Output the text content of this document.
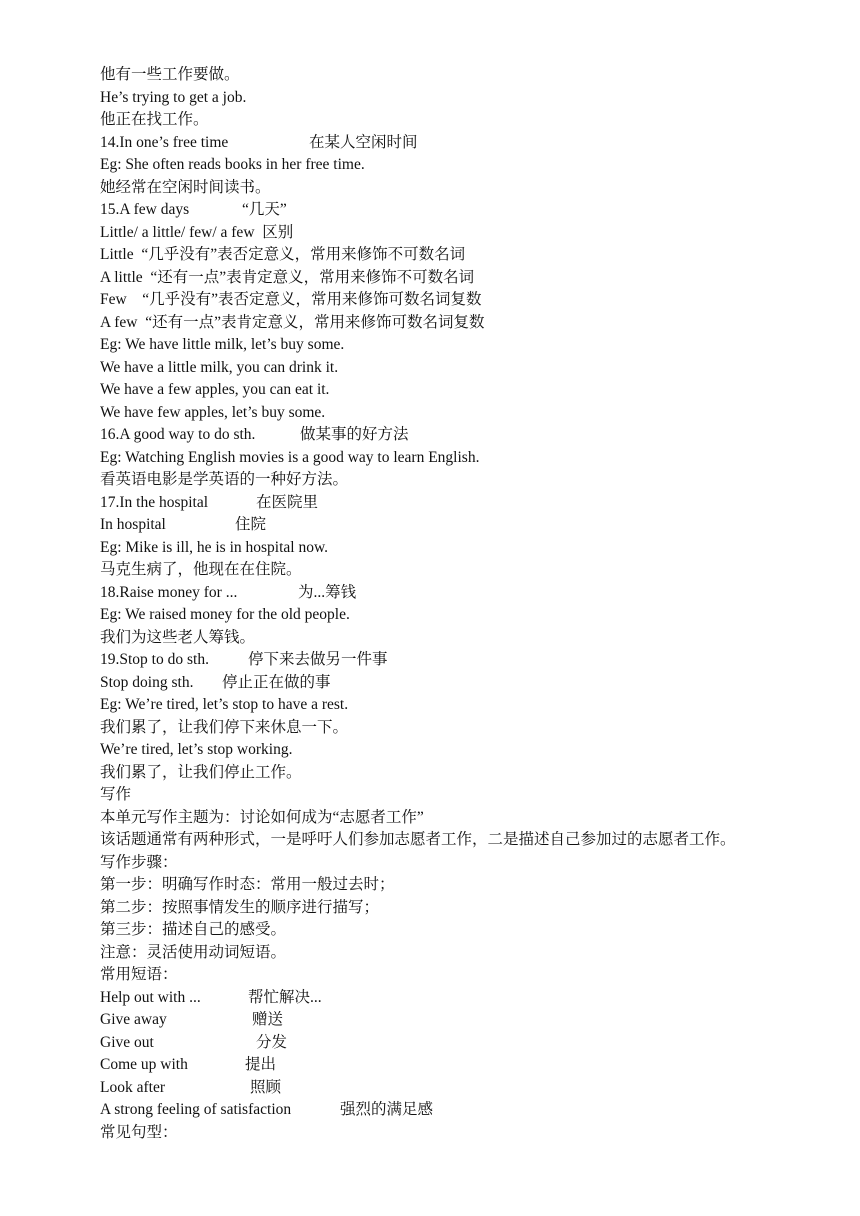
他有一些工作要做。
He’s trying to get a job.
他正在找工作。
14.In one’s free time	在某人空闲时间
Eg: She often reads books in her free time.
她经常在空闲时间读书。
15.A few days	“几天”
Little/ a little/ few/ a few  区别
Little  “几乎没有”表否定意义，常用来修饰不可数名词
A little  “还有一点”表肯定意义，常用来修饰不可数名词
Few    “几乎没有”表否定意义，常用来修饰可数名词复数
A few  “还有一点”表肯定意义，常用来修饰可数名词复数
Eg: We have little milk, let’s buy some.
We have a little milk, you can drink it.
We have a few apples, you can eat it.
We have few apples, let’s buy some.
16.A good way to do sth.	做某事的好方法
Eg: Watching English movies is a good way to learn English.
看英语电影是学英语的一种好方法。
17.In the hospital	在医院里
In hospital	住院
Eg: Mike is ill, he is in hospital now.
马克生病了，他现在在住院。
18.Raise money for ...	为...筹钱
Eg: We raised money for the old people.
我们为这些老人筹钱。
19.Stop to do sth.	停下来去做另一件事
Stop doing sth. 停止正在做的事
Eg: We’re tired, let’s stop to have a rest.
我们累了，让我们停下来休息一下。
We’re tired, let’s stop working.
我们累了，让我们停止工作。
写作
本单元写作主题为：讨论如何成为“志愿者工作”
该话题通常有两种形式，一是呼吁人们参加志愿者工作，二是描述自己参加过的志愿者工作。
写作步骤：
第一步：明确写作时态：常用一般过去时；
第二步：按照事情发生的顺序进行描写；
第三步：描述自己的感受。
注意：灵活使用动词短语。
常用短语：
Help out with ...	帮忙解决...
Give away	赠送
Give out	分发
Come up with	提出
Look after	照顾
A strong feeling of satisfaction	强烈的满足感
常见句型：
